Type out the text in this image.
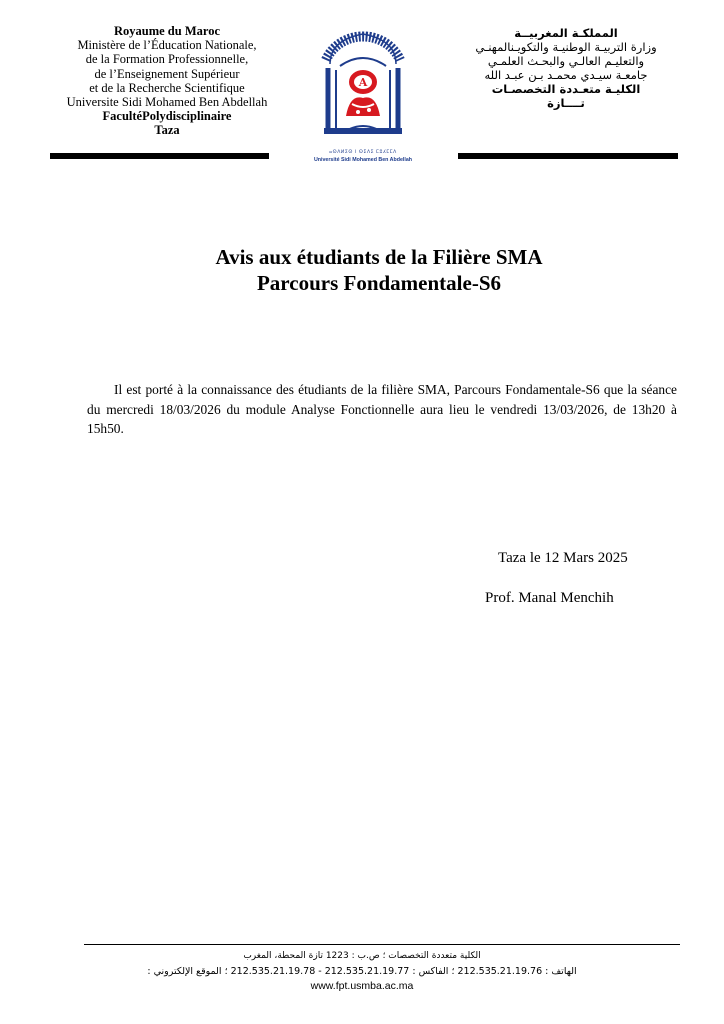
Royaume du Maroc
Ministère de l’Éducation Nationale,
de la Formation Professionnelle,
de l’Enseignement Supérieur
et de la Recherche Scientifique
Universite Sidi Mohamed Ben Abdellah
FacultéPolydisciplinaire
Taza
المملكـة المغربيــة
وزارة التربيـة الوطنيـة والتكويـنالمهنـي
والتعليـم العالـي والبحـث العلمـي
جامعـة سيـدي محمـد بـن عبـد الله
الكليـة متعـددة التخصصـات
تــــازة
A
ⴰⵙⴷⵍⵉⵙ ⵏ ⵙⵉⴷⵉ ⵎⵓⵃⵎⵎⴷ
Université Sidi Mohamed Ben Abdellah
Avis aux étudiants de la Filière SMA
Parcours Fondamentale-S6
Il est porté à la connaissance des étudiants de la filière SMA, Parcours Fondamentale-S6 que la séance du mercredi 18/03/2026 du module Analyse Fonctionnelle aura lieu le vendredi 13/03/2026, de 13h20 à 15h50.
Taza le 12 Mars 2025
Prof. Manal Menchih
الكلية متعددة التخصصات ؛ ص.ب : 1223 تازة المحطة، المغرب
الهاتف : 212.535.21.19.76 ؛ الفاكس : 212.535.21.19.77 - 212.535.21.19.78 ؛ الموقع الإلكتروني :
www.fpt.usmba.ac.ma
